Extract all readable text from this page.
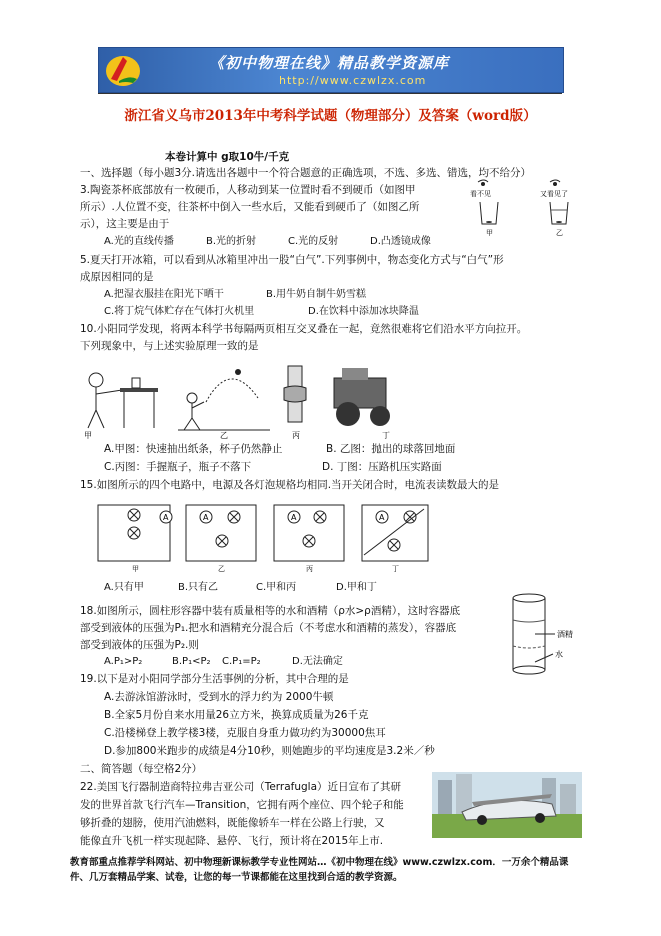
《初中物理在线》精品教学资源库
http://www.czwlzx.com
浙江省义乌市2013年中考科学试题（物理部分）及答案（word版）
本卷计算中 g取10牛/千克
一、选择题（每小题3分.请选出各题中一个符合题意的正确选项，不选、多选、错选，均不给分）
3.陶瓷茶杯底部放有一枚硬币，人移动到某一位置时看不到硬币（如图甲
所示）.人位置不变，往茶杯中倒入一些水后，又能看到硬币了（如图乙所
示），这主要是由于
A.光的直线传播	B.光的折射	C.光的反射	D.凸透镜成像
看不见	又看见了
甲	乙
5.夏天打开冰箱，可以看到从冰箱里冲出一股“白气”.下列事例中，物态变化方式与“白气”形
成原因相同的是
A.把湿衣服挂在阳光下晒干	B.用牛奶自制牛奶雪糕
C.将丁烷气体贮存在气体打火机里	D.在饮料中添加冰块降温
10.小阳同学发现，将两本科学书每隔两页相互交叉叠在一起，竟然很难将它们沿水平方向拉开。
下列现象中，与上述实验原理一致的是
甲	乙	丙	丁
A.甲图：快速抽出纸条，杯子仍然静止	B. 乙图：抛出的球落回地面
C.丙图：手握瓶子，瓶子不落下	D. 丁图：压路机压实路面
15.如图所示的四个电路中，电源及各灯泡规格均相同.当开关闭合时，电流表读数最大的是
A
甲
A
乙
A
丙
A
丁
A.只有甲	B.只有乙	C.甲和丙	D.甲和丁
18.如图所示，圆柱形容器中装有质量相等的水和酒精（ρ水>ρ酒精），这时容器底
部受到液体的压强为P₁.把水和酒精充分混合后（不考虑水和酒精的蒸发），容器底
部受到液体的压强为P₂.则
A.P₁>P₂	B.P₁<P₂ C.P₁=P₂	D.无法确定
酒精
水
19.以下是对小阳同学部分生活事例的分析，其中合理的是
A.去游泳馆游泳时，受到水的浮力约为 2000牛顿
B.全家5月份自来水用量26立方米，换算成质量为26千克
C.沿楼梯登上教学楼3楼，克服自身重力做功约为30000焦耳
D.参加800米跑步的成绩是4分10秒，则她跑步的平均速度是3.2米／秒
二、简答题（每空格2分）
22.美国飞行器制造商特拉弗吉亚公司（Terrafugla）近日宣布了其研
发的世界首款飞行汽车—Transition，它拥有两个座位、四个轮子和能
够折叠的翅膀，使用汽油燃料，既能像轿车一样在公路上行驶，又
能像直升飞机一样实现起降、悬停、飞行，预计将在2015年上市.
教育部重点推荐学科网站、初中物理新课标教学专业性网站…《初中物理在线》www.czwlzx.com．一万余个精品课
件、几万套精品学案、试卷，让您的每一节课都能在这里找到合适的教学资源。
